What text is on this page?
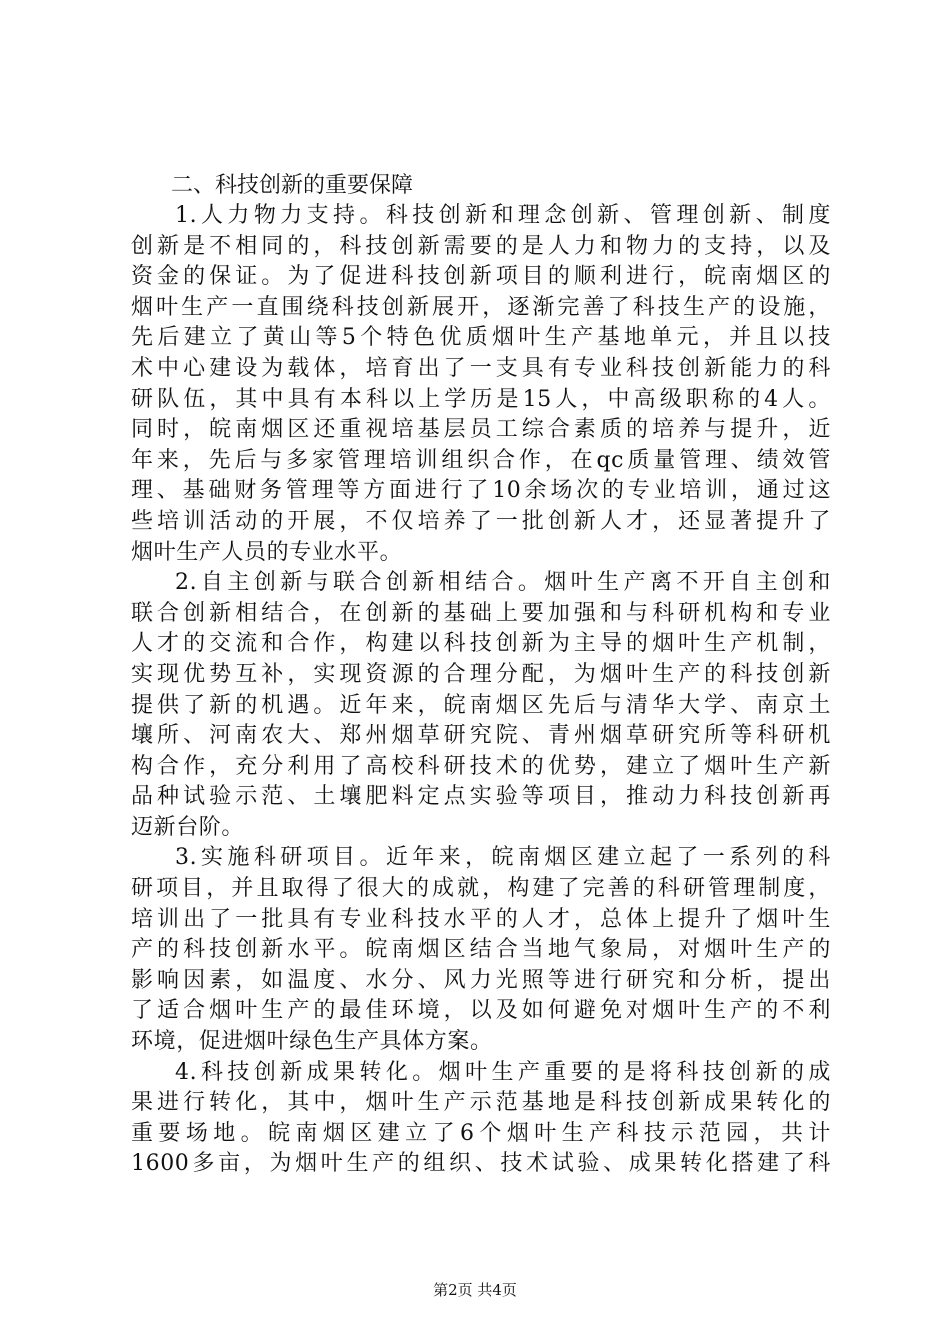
二、科技创新的重要保障

1.人力物力支持。科技创新和理念创新、管理创新、制度
创新是不相同的，科技创新需要的是人力和物力的支持，以及
资金的保证。为了促进科技创新项目的顺利进行，皖南烟区的
烟叶生产一直围绕科技创新展开，逐渐完善了科技生产的设施，
先后建立了黄山等5个特色优质烟叶生产基地单元，并且以技
术中心建设为载体，培育出了一支具有专业科技创新能力的科
研队伍，其中具有本科以上学历是15人，中高级职称的4人。
同时，皖南烟区还重视培基层员工综合素质的培养与提升，近
年来，先后与多家管理培训组织合作，在qc质量管理、绩效管
理、基础财务管理等方面进行了10余场次的专业培训，通过这
些培训活动的开展，不仅培养了一批创新人才，还显著提升了
烟叶生产人员的专业水平。

2.自主创新与联合创新相结合。烟叶生产离不开自主创和
联合创新相结合，在创新的基础上要加强和与科研机构和专业
人才的交流和合作，构建以科技创新为主导的烟叶生产机制，
实现优势互补，实现资源的合理分配，为烟叶生产的科技创新
提供了新的机遇。近年来，皖南烟区先后与清华大学、南京土
壤所、河南农大、郑州烟草研究院、青州烟草研究所等科研机
构合作，充分利用了高校科研技术的优势，建立了烟叶生产新
品种试验示范、土壤肥料定点实验等项目，推动力科技创新再
迈新台阶。

3.实施科研项目。近年来，皖南烟区建立起了一系列的科
研项目，并且取得了很大的成就，构建了完善的科研管理制度，
培训出了一批具有专业科技水平的人才，总体上提升了烟叶生
产的科技创新水平。皖南烟区结合当地气象局，对烟叶生产的
影响因素，如温度、水分、风力光照等进行研究和分析，提出
了适合烟叶生产的最佳环境，以及如何避免对烟叶生产的不利
环境，促进烟叶绿色生产具体方案。

4.科技创新成果转化。烟叶生产重要的是将科技创新的成
果进行转化，其中，烟叶生产示范基地是科技创新成果转化的
重要场地。皖南烟区建立了6个烟叶生产科技示范园，共计
1600多亩，为烟叶生产的组织、技术试验、成果转化搭建了科

第2页 共4页
